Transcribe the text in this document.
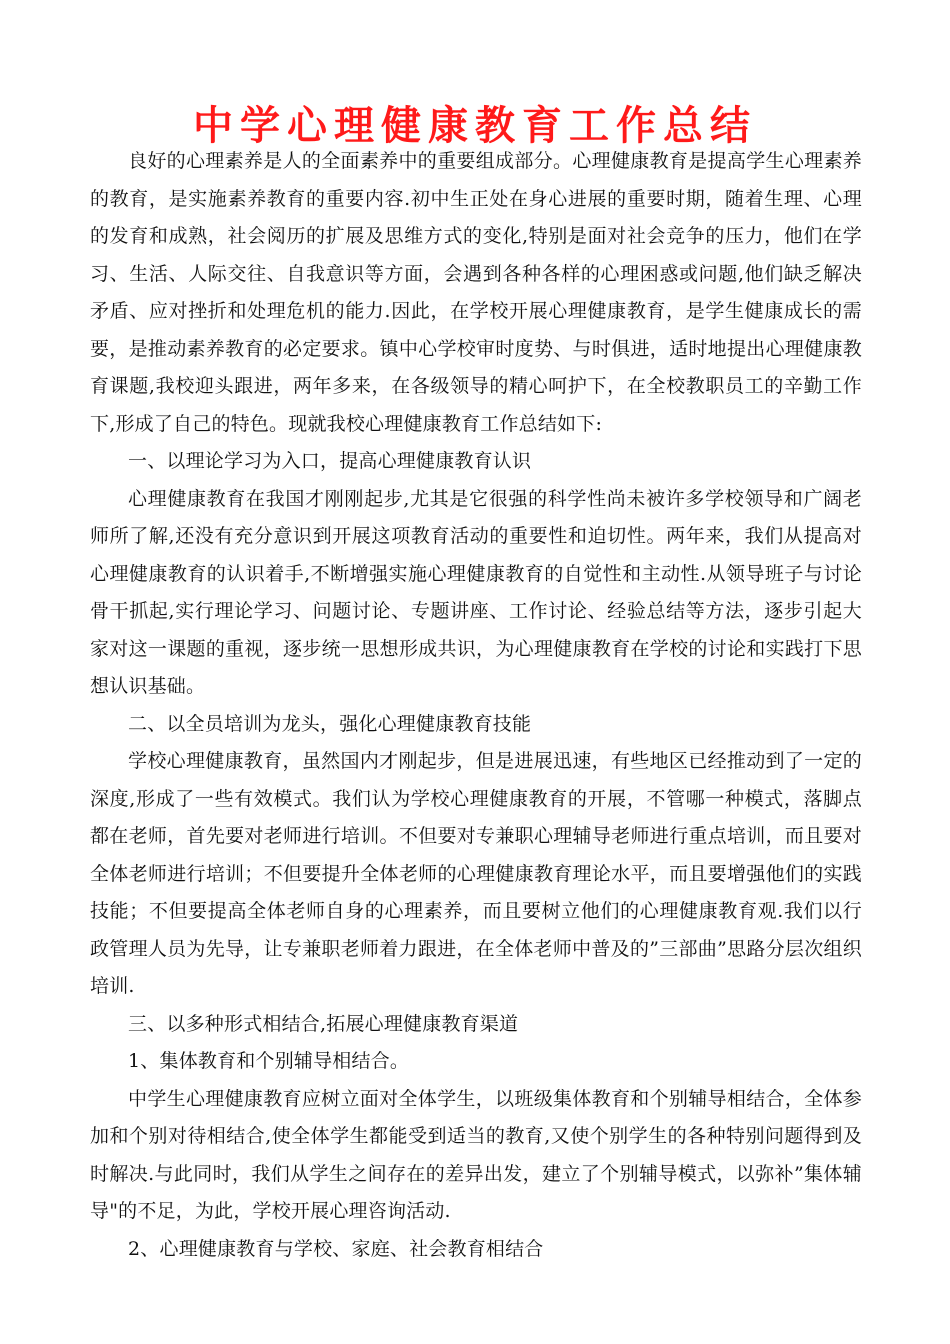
中学心理健康教育工作总结

良好的心理素养是人的全面素养中的重要组成部分。心理健康教育是提高学生心理素养的教育，是实施素养教育的重要内容.初中生正处在身心进展的重要时期，随着生理、心理的发育和成熟，社会阅历的扩展及思维方式的变化,特别是面对社会竞争的压力，他们在学习、生活、人际交往、自我意识等方面，会遇到各种各样的心理困惑或问题,他们缺乏解决矛盾、应对挫折和处理危机的能力.因此，在学校开展心理健康教育，是学生健康成长的需要，是推动素养教育的必定要求。镇中心学校审时度势、与时俱进，适时地提出心理健康教育课题,我校迎头跟进，两年多来，在各级领导的精心呵护下，在全校教职员工的辛勤工作下,形成了自己的特色。现就我校心理健康教育工作总结如下:

一、以理论学习为入口，提高心理健康教育认识

心理健康教育在我国才刚刚起步,尤其是它很强的科学性尚未被许多学校领导和广阔老师所了解,还没有充分意识到开展这项教育活动的重要性和迫切性。两年来，我们从提高对心理健康教育的认识着手,不断增强实施心理健康教育的自觉性和主动性.从领导班子与讨论骨干抓起,实行理论学习、问题讨论、专题讲座、工作讨论、经验总结等方法，逐步引起大家对这一课题的重视，逐步统一思想形成共识，为心理健康教育在学校的讨论和实践打下思想认识基础。

二、以全员培训为龙头，强化心理健康教育技能

学校心理健康教育，虽然国内才刚起步，但是进展迅速，有些地区已经推动到了一定的深度,形成了一些有效模式。我们认为学校心理健康教育的开展，不管哪一种模式，落脚点都在老师，首先要对老师进行培训。不但要对专兼职心理辅导老师进行重点培训，而且要对全体老师进行培训；不但要提升全体老师的心理健康教育理论水平，而且要增强他们的实践技能；不但要提高全体老师自身的心理素养，而且要树立他们的心理健康教育观.我们以行政管理人员为先导，让专兼职老师着力跟进，在全体老师中普及的”三部曲”思路分层次组织培训.

三、以多种形式相结合,拓展心理健康教育渠道

1、集体教育和个别辅导相结合。

中学生心理健康教育应树立面对全体学生，以班级集体教育和个别辅导相结合，全体参加和个别对待相结合,使全体学生都能受到适当的教育,又使个别学生的各种特别问题得到及时解决.与此同时，我们从学生之间存在的差异出发，建立了个别辅导模式，以弥补”集体辅导"的不足，为此，学校开展心理咨询活动.

2、心理健康教育与学校、家庭、社会教育相结合
